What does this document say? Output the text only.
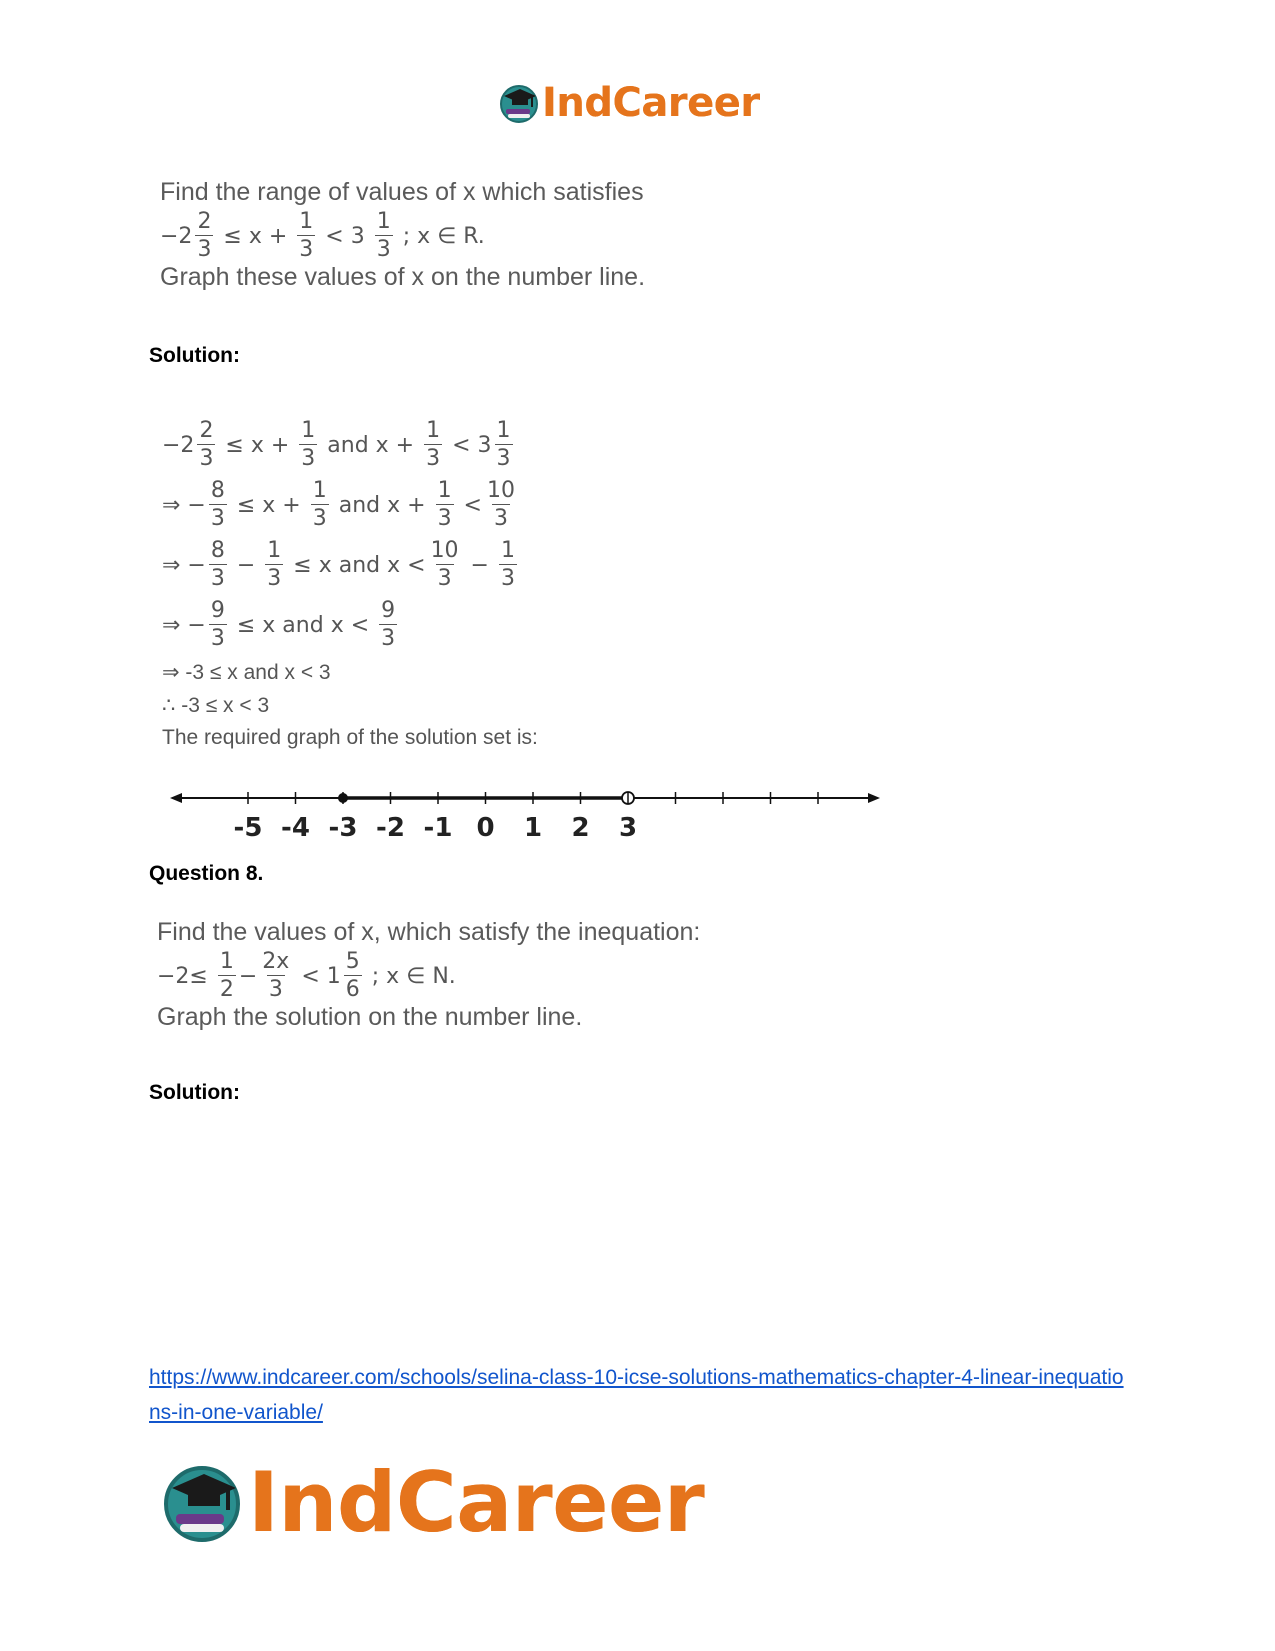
IndCareer
Find the range of values of x which satisfies
$-2 \frac{2}{3} \le x + \frac{1}{3} < 3 \frac{1}{3}$ ; x ∈ R.
Graph these values of x on the number line.
Solution:
$-2 \frac{2}{3} \le x + \frac{1}{3}$ and $x + \frac{1}{3} < 3 \frac{1}{3}$
⇒ − $\frac{8}{3} \le x + \frac{1}{3}$ and $x + \frac{1}{3} < \frac{10}{3}$
⇒ − $\frac{8}{3} - \frac{1}{3} \le x$ and $x < \frac{10}{3} - \frac{1}{3}$
⇒ − $\frac{9}{3} \le x$ and $x < \frac{9}{3}$
⇒ -3 ≤ x and x < 3
∴ -3 ≤ x < 3
The required graph of the solution set is:
-5 -4 -3 -2 -1 0 1 2 3
Question 8.
Find the values of x, which satisfy the inequation:
$-2\le \frac{1}{2} - \frac{2x}{3} < 1 \frac{5}{6}$ ; x ∈ N.
Graph the solution on the number line.
Solution:
https://www.indcareer.com/schools/selina-class-10-icse-solutions-mathematics-chapter-4-linear-inequations-in-one-variable/
IndCareer
